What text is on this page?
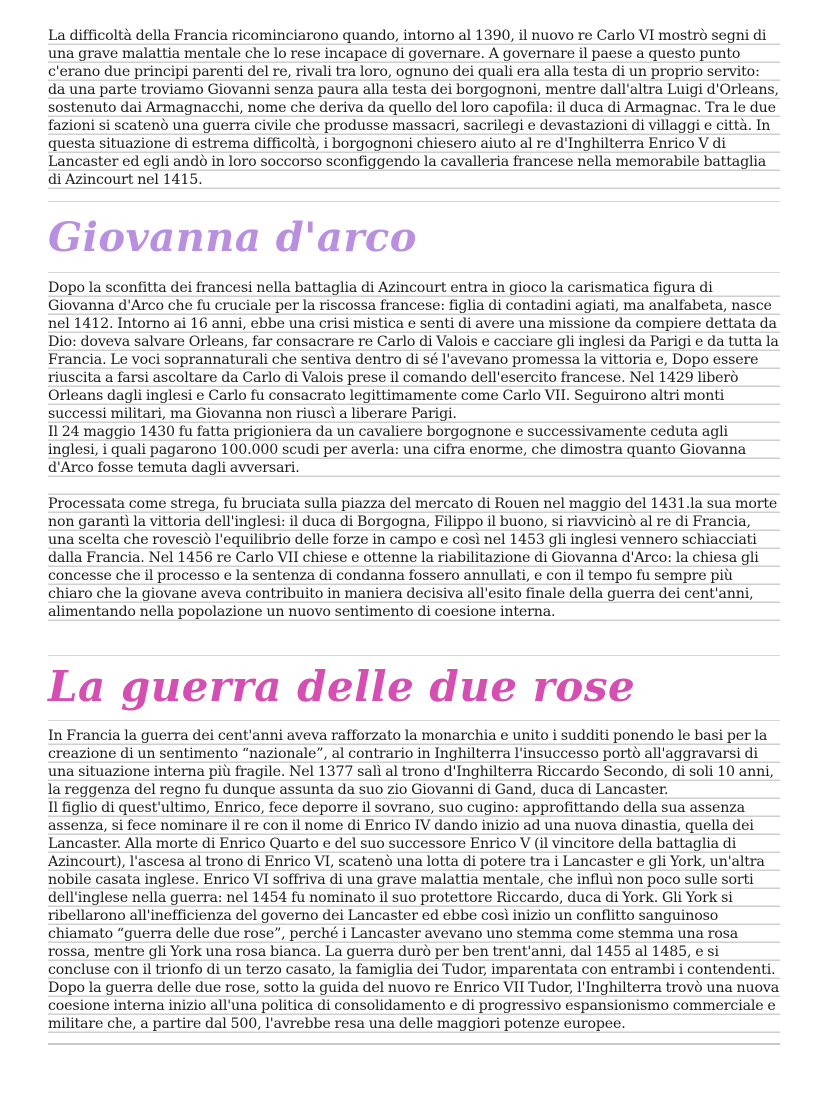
La difficoltà della Francia ricominciarono quando, intorno al 1390, il nuovo re Carlo VI mostrò segni di una grave malattia mentale che lo rese incapace di governare. A governare il paese a questo punto c'erano due principi parenti del re, rivali tra loro, ognuno dei quali era alla testa di un proprio servito: da una parte troviamo Giovanni senza paura alla testa dei borgognoni, mentre dall'altra Luigi d'Orleans, sostenuto dai Armagnacchi, nome che deriva da quello del loro capofila: il duca di Armagnac. Tra le due fazioni si scatenò una guerra civile che produsse massacri, sacrilegi e devastazioni di villaggi e città. In questa situazione di estrema difficoltà, i borgognoni chiesero aiuto al re d'Inghilterra Enrico V di Lancaster ed egli andò in loro soccorso sconfiggendo la cavalleria francese nella memorabile battaglia di Azincourt nel 1415.

Giovanna d'arco

Dopo la sconfitta dei francesi nella battaglia di Azincourt entra in gioco la carismatica figura di Giovanna d'Arco che fu cruciale per la riscossa francese: figlia di contadini agiati, ma analfabeta, nasce nel 1412. Intorno ai 16 anni, ebbe una crisi mistica e senti di avere una missione da compiere dettata da Dio: doveva salvare Orleans, far consacrare re Carlo di Valois e cacciare gli inglesi da Parigi e da tutta la Francia. Le voci soprannaturali che sentiva dentro di sé l'avevano promessa la vittoria e, Dopo essere riuscita a farsi ascoltare da Carlo di Valois prese il comando dell'esercito francese. Nel 1429 liberò Orleans dagli inglesi e Carlo fu consacrato legittimamente come Carlo VII. Seguirono altri monti successi militari, ma Giovanna non riuscì a liberare Parigi.

Il 24 maggio 1430 fu fatta prigioniera da un cavaliere borgognone e successivamente ceduta agli inglesi, i quali pagarono 100.000 scudi per averla: una cifra enorme, che dimostra quanto Giovanna d'Arco fosse temuta dagli avversari.

Processata come strega, fu bruciata sulla piazza del mercato di Rouen nel maggio del 1431.la sua morte non garantì la vittoria dell'inglesi: il duca di Borgogna, Filippo il buono, si riavvicinò al re di Francia, una scelta che rovesciò l'equilibrio delle forze in campo e così nel 1453 gli inglesi vennero schiacciati dalla Francia. Nel 1456 re Carlo VII chiese e ottenne la riabilitazione di Giovanna d'Arco: la chiesa gli concesse che il processo e la sentenza di condanna fossero annullati, e con il tempo fu sempre più chiaro che la giovane aveva contribuito in maniera decisiva all'esito finale della guerra dei cent'anni, alimentando nella popolazione un nuovo sentimento di coesione interna.

La guerra delle due rose

In Francia la guerra dei cent'anni aveva rafforzato la monarchia e unito i sudditi ponendo le basi per la creazione di un sentimento “nazionale”, al contrario in Inghilterra l'insuccesso portò all'aggravarsi di una situazione interna più fragile. Nel 1377 salì al trono d'Inghilterra Riccardo Secondo, di soli 10 anni, la reggenza del regno fu dunque assunta da suo zio Giovanni di Gand, duca di Lancaster.

Il figlio di quest'ultimo, Enrico, fece deporre il sovrano, suo cugino: approfittando della sua assenza assenza, si fece nominare il re con il nome di Enrico IV dando inizio ad una nuova dinastia, quella dei Lancaster. Alla morte di Enrico Quarto e del suo successore Enrico V (il vincitore della battaglia di Azincourt), l'ascesa al trono di Enrico VI, scatenò una lotta di potere tra i Lancaster e gli York, un'altra nobile casata inglese. Enrico VI soffriva di una grave malattia mentale, che influì non poco sulle sorti dell'inglese nella guerra: nel 1454 fu nominato il suo protettore Riccardo, duca di York. Gli York si ribellarono all'inefficienza del governo dei Lancaster ed ebbe così inizio un conflitto sanguinoso chiamato “guerra delle due rose”, perché i Lancaster avevano uno stemma come stemma una rosa rossa, mentre gli York una rosa bianca. La guerra durò per ben trent'anni, dal 1455 al 1485, e si concluse con il trionfo di un terzo casato, la famiglia dei Tudor, imparentata con entrambi i contendenti. Dopo la guerra delle due rose, sotto la guida del nuovo re Enrico VII Tudor, l'Inghilterra trovò una nuova coesione interna inizio all'una politica di consolidamento e di progressivo espansionismo commerciale e militare che, a partire dal 500, l'avrebbe resa una delle maggiori potenze europee.
